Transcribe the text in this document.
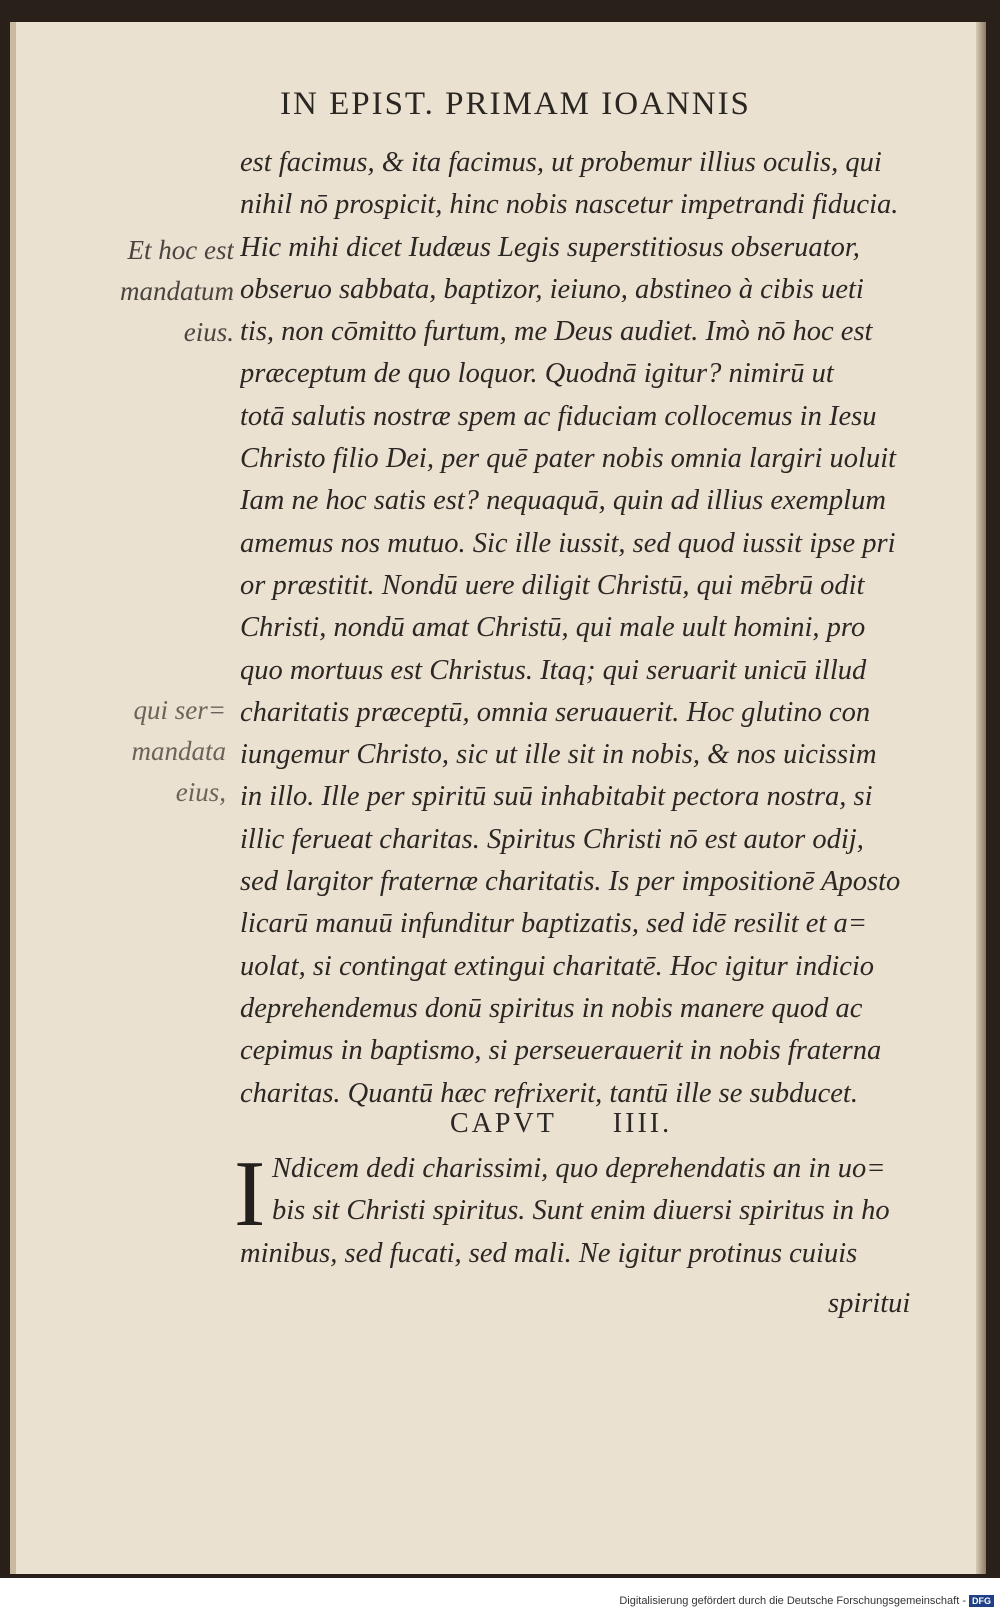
IN EPIST. PRIMAM IOANNIS
Et hoc est
mandatum
eius.
qui ser=
mandata
eius,
est facimus, & ita facimus, ut probemur illius oculis, qui
nihil nō prospicit, hinc nobis nascetur impetrandi fiducia.
Hic mihi dicet Iudæus Legis superstitiosus obseruator,
obseruo sabbata, baptizor, ieiuno, abstineo à cibis ueti
tis, non cōmitto furtum, me Deus audiet. Imò nō hoc est
præceptum de quo loquor. Quodnā igitur? nimirū ut
totā salutis nostræ spem ac fiduciam collocemus in Iesu
Christo filio Dei, per quē pater nobis omnia largiri uoluit
Iam ne hoc satis est? nequaquā, quin ad illius exemplum
amemus nos mutuo. Sic ille iussit, sed quod iussit ipse pri
or præstitit. Nondū uere diligit Christū, qui mēbrū odit
Christi, nondū amat Christū, qui male uult homini, pro
quo mortuus est Christus. Itaq; qui seruarit unicū illud
charitatis præceptū, omnia seruauerit. Hoc glutino con
iungemur Christo, sic ut ille sit in nobis, & nos uicissim
in illo. Ille per spiritū suū inhabitabit pectora nostra, si
illic ferueat charitas. Spiritus Christi nō est autor odij,
sed largitor fraternæ charitatis. Is per impositionē Aposto
licarū manuū infunditur baptizatis, sed idē resilit et a=
uolat, si contingat extingui charitatē. Hoc igitur indicio
deprehendemus donū spiritus in nobis manere quod ac
cepimus in baptismo, si perseuerauerit in nobis fraterna
charitas. Quantū hæc refrixerit, tantū ille se subducet.
CAPVT IIII.
I Ndicem dedi charissimi, quo deprehendatis an in uo=
bis sit Christi spiritus. Sunt enim diuersi spiritus in ho
minibus, sed fucati, sed mali. Ne igitur protinus cuiuis
spiritui
Digitalisierung gefördert durch die Deutsche Forschungsgemeinschaft - DFG
